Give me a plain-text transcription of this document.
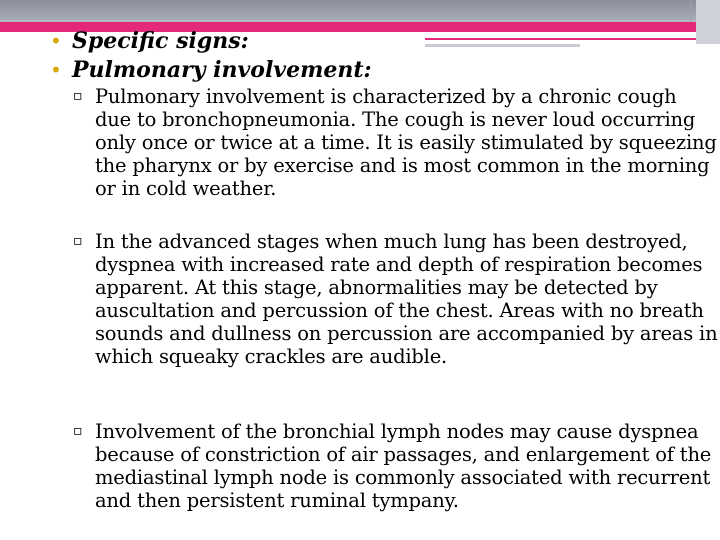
• Specific signs:
• Pulmonary involvement:
▫ Pulmonary involvement is characterized by a chronic cough due to bronchopneumonia. The cough is never loud occurring only once or twice at a time. It is easily stimulated by squeezing the pharynx or by exercise and is most common in the morning or in cold weather.
▫ In the advanced stages when much lung has been destroyed, dyspnea with increased rate and depth of respiration becomes apparent. At this stage, abnormalities may be detected by auscultation and percussion of the chest. Areas with no breath sounds and dullness on percussion are accompanied by areas in which squeaky crackles are audible.
▫ Involvement of the bronchial lymph nodes may cause dyspnea because of constriction of air passages, and enlargement of the mediastinal lymph node is commonly associated with recurrent and then persistent ruminal tympany.
